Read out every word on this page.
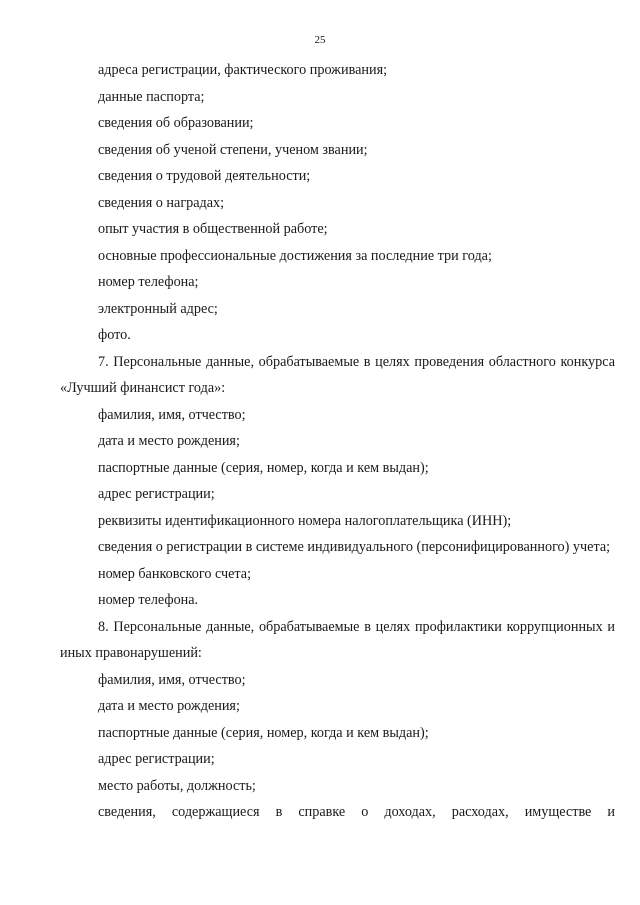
25
адреса регистрации, фактического проживания;
данные паспорта;
сведения об образовании;
сведения об ученой степени, ученом звании;
сведения о трудовой деятельности;
сведения о наградах;
опыт участия в общественной работе;
основные профессиональные достижения за последние три года;
номер телефона;
электронный адрес;
фото.
7. Персональные данные, обрабатываемые в целях проведения областного конкурса «Лучший финансист года»:
фамилия, имя, отчество;
дата и место рождения;
паспортные данные (серия, номер, когда и кем выдан);
адрес регистрации;
реквизиты идентификационного номера налогоплательщика (ИНН);
сведения о регистрации в системе индивидуального (персонифицированного) учета;
номер банковского счета;
номер телефона.
8. Персональные данные, обрабатываемые в целях профилактики коррупционных и иных правонарушений:
фамилия, имя, отчество;
дата и место рождения;
паспортные данные (серия, номер, когда и кем выдан);
адрес регистрации;
место работы, должность;
сведения, содержащиеся в справке о доходах, расходах, имуществе и
